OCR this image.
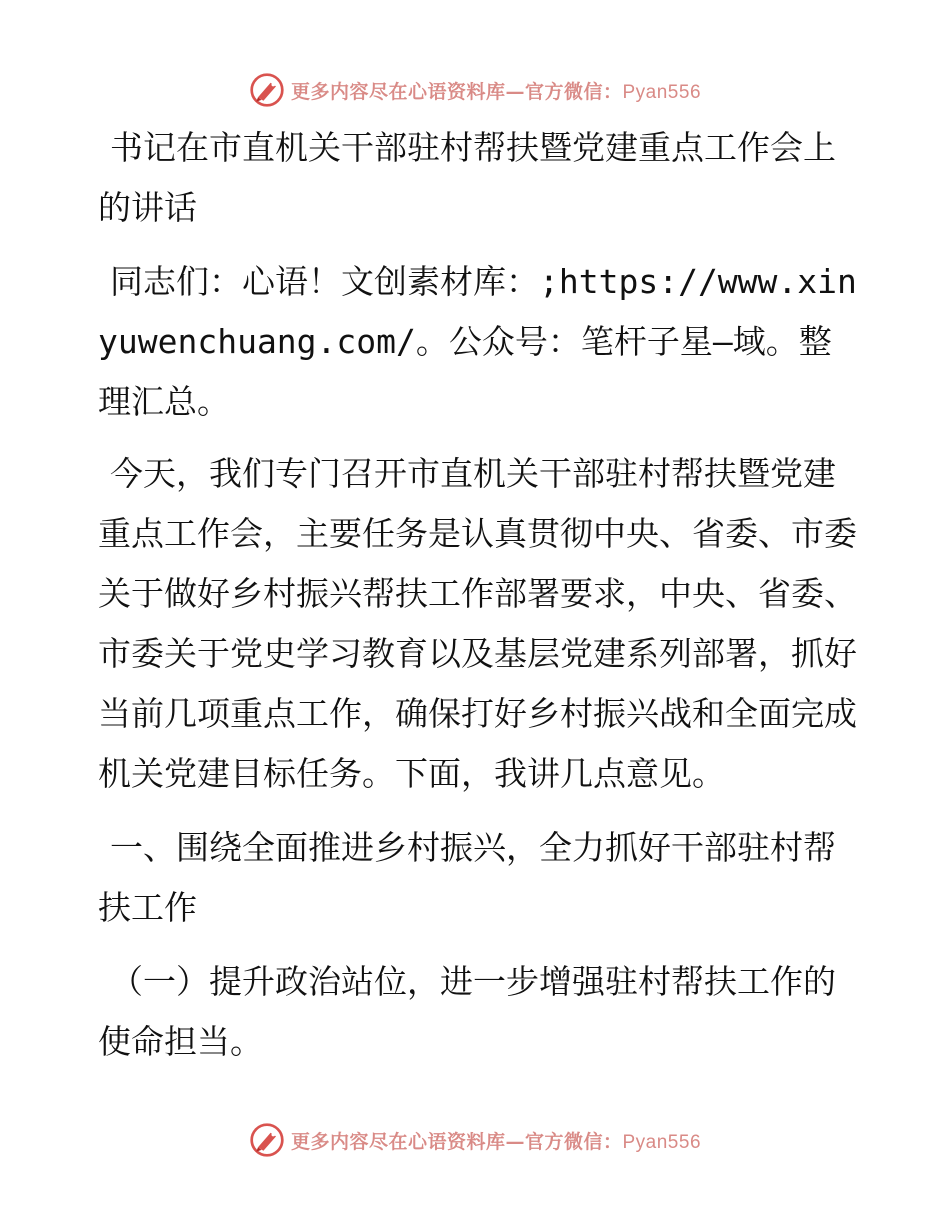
更多内容尽在心语资料库—官方微信：Pyan556

书记在市直机关干部驻村帮扶暨党建重点工作会上的讲话

同志们：心语！文创素材库：;https://www.xinyuwenchuang.com/。公众号：笔杆子星—域。整理汇总。

今天，我们专门召开市直机关干部驻村帮扶暨党建重点工作会，主要任务是认真贯彻中央、省委、市委关于做好乡村振兴帮扶工作部署要求，中央、省委、市委关于党史学习教育以及基层党建系列部署，抓好当前几项重点工作，确保打好乡村振兴战和全面完成机关党建目标任务。下面，我讲几点意见。

一、围绕全面推进乡村振兴，全力抓好干部驻村帮扶工作

（一）提升政治站位，进一步增强驻村帮扶工作的使命担当。

更多内容尽在心语资料库—官方微信：Pyan556
